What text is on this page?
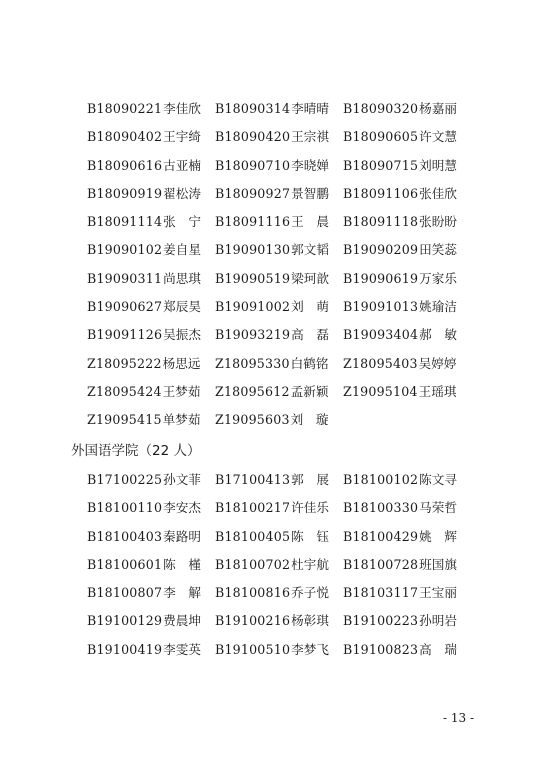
B18090221李佳欣 B18090314李晴晴 B18090320杨嘉丽
B18090402王宇绮 B18090420王宗祺 B18090605许文慧
B18090616古亚楠 B18090710李晓婵 B18090715刘明慧
B18090919翟松涛 B18090927景智鹏 B18091106张佳欣
B18091114张宁 B18091116王晨 B18091118张盼盼
B19090102姜自星 B19090130郭文韬 B19090209田笑蕊
B19090311尚思琪 B19090519梁珂歆 B19090619万家乐
B19090627郑辰昊 B19091002刘萌 B19091013姚瑜洁
B19091126吴振杰 B19093219高磊 B19093404郝敏
Z18095222杨思远 Z18095330白鹤铭 Z18095403吴婷婷
Z18095424王梦茹 Z18095612孟新颖 Z19095104王瑶琪
Z19095415单梦茹 Z19095603刘璇
外国语学院（22 人）
B17100225孙文菲 B17100413郭展 B18100102陈文寻
B18100110李安杰 B18100217许佳乐 B18100330马荣哲
B18100403秦路明 B18100405陈钰 B18100429姚辉
B18100601陈槿 B18100702杜宇航 B18100728班国旗
B18100807李解 B18100816乔子悦 B18103117王宝丽
B19100129费晨坤 B19100216杨彰琪 B19100223孙明岩
B19100419李雯英 B19100510李梦飞 B19100823高瑞
- 13 -
